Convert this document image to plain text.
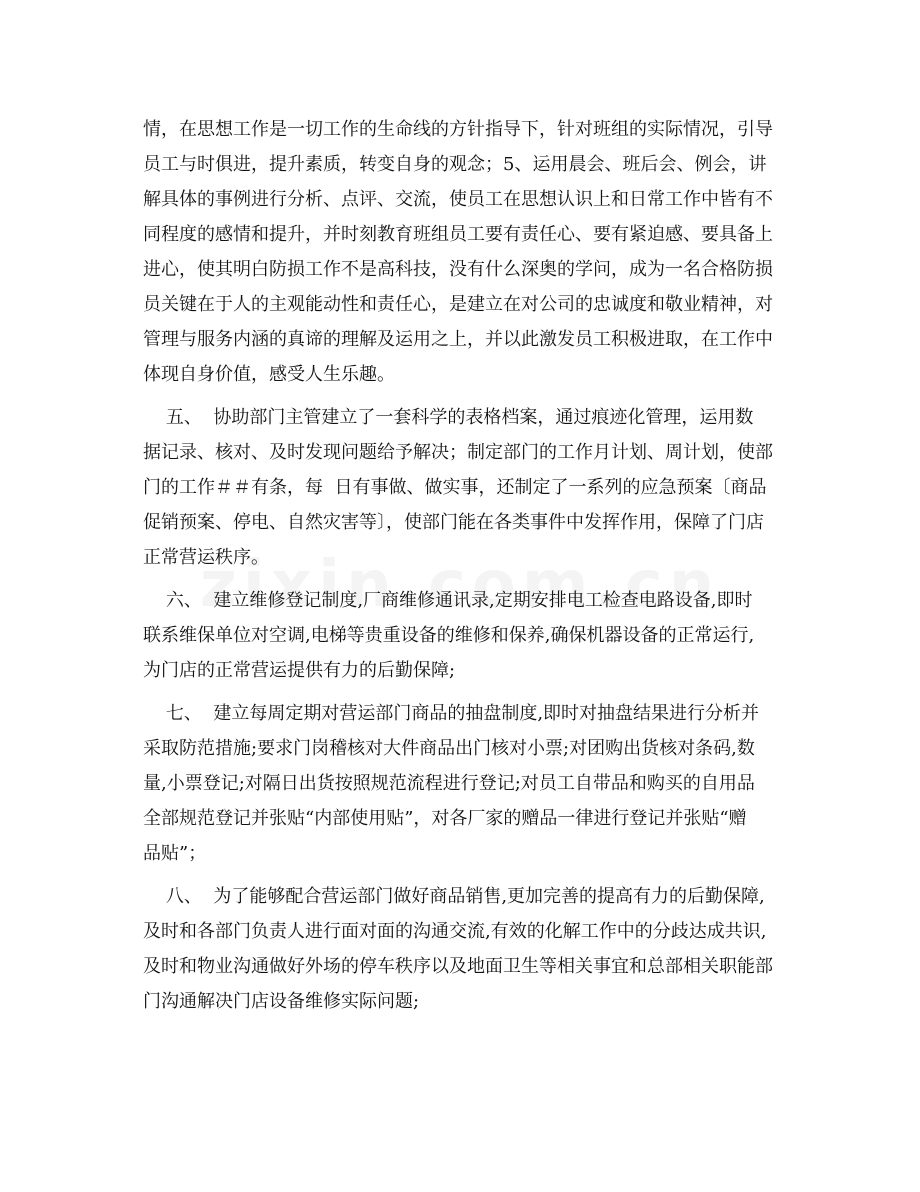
情，在思想工作是一切工作的生命线的方针指导下，针对班组的实际情况，引导
员工与时俱进，提升素质，转变自身的观念；5、运用晨会、班后会、例会，讲
解具体的事例进行分析、点评、交流，使员工在思想认识上和日常工作中皆有不
同程度的感情和提升，并时刻教育班组员工要有责任心、要有紧迫感、要具备上
进心，使其明白防损工作不是高科技，没有什么深奥的学问，成为一名合格防损
员关键在于人的主观能动性和责任心，是建立在对公司的忠诚度和敬业精神，对
管理与服务内涵的真谛的理解及运用之上，并以此激发员工积极进取，在工作中
体现自身价值，感受人生乐趣。
五、  协助部门主管建立了一套科学的表格档案，通过痕迹化管理，运用数
据记录、核对、及时发现问题给予解决；制定部门的工作月计划、周计划，使部
门的工作＃＃有条，每  日有事做、做实事，还制定了一系列的应急预案〔商品
促销预案、停电、自然灾害等〕，使部门能在各类事件中发挥作用，保障了门店
正常营运秩序。
六、  建立维修登记制度,厂商维修通讯录,定期安排电工检查电路设备,即时
联系维保单位对空调,电梯等贵重设备的维修和保养,确保机器设备的正常运行,
为门店的正常营运提供有力的后勤保障;
七、  建立每周定期对营运部门商品的抽盘制度,即时对抽盘结果进行分析并
采取防范措施;要求门岗稽核对大件商品出门核对小票;对团购出货核对条码,数
量,小票登记;对隔日出货按照规范流程进行登记;对员工自带品和购买的自用品
全部规范登记并张贴“内部使用贴”，对各厂家的赠品一律进行登记并张贴“赠
品贴”；
八、  为了能够配合营运部门做好商品销售,更加完善的提高有力的后勤保障,
及时和各部门负责人进行面对面的沟通交流,有效的化解工作中的分歧达成共识,
及时和物业沟通做好外场的停车秩序以及地面卫生等相关事宜和总部相关职能部
门沟通解决门店设备维修实际问题;
